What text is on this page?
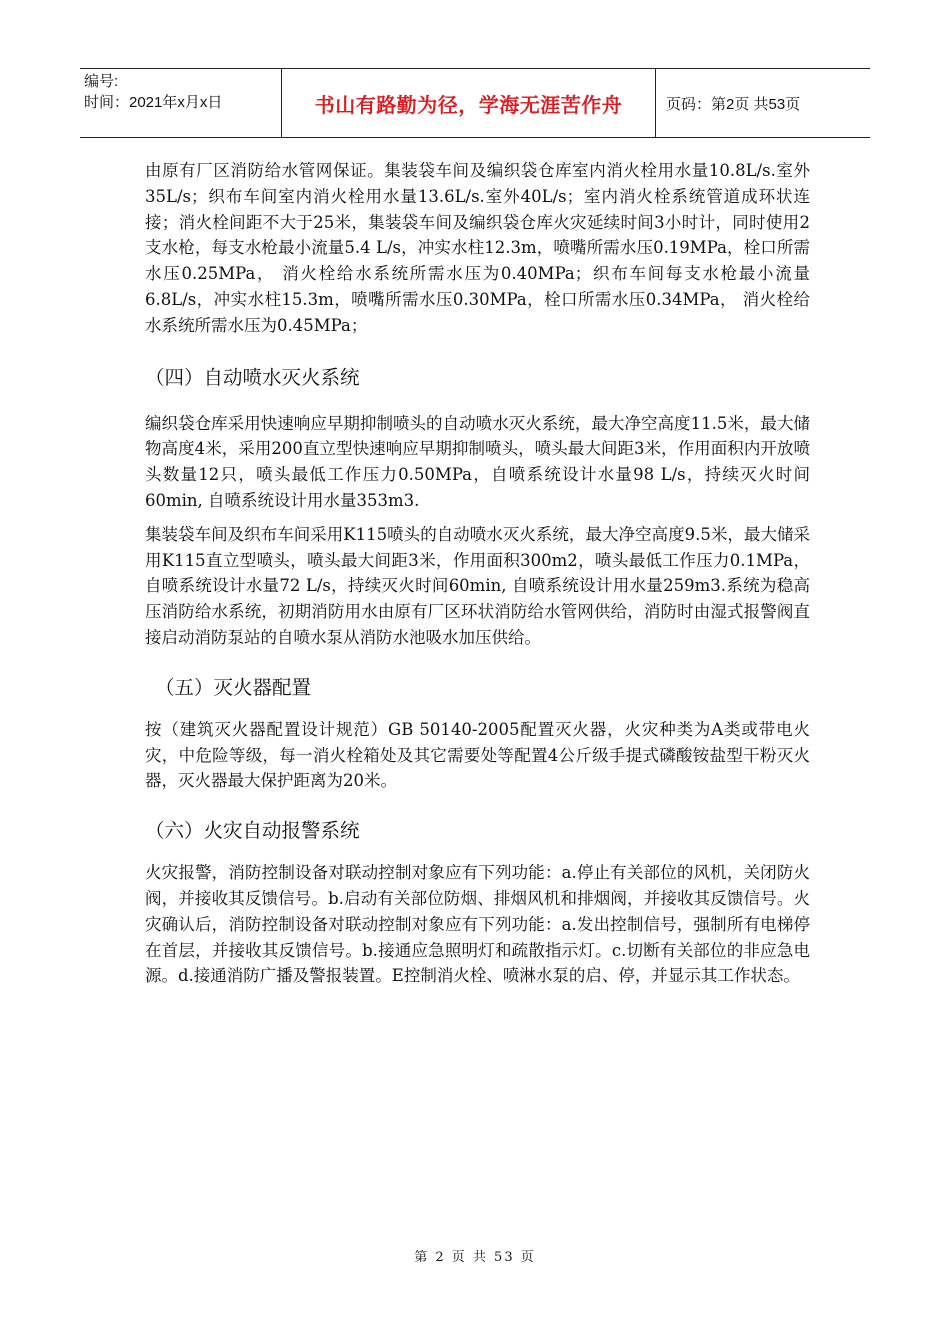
编号:
时间：2021年x月x日	书山有路勤为径，学海无涯苦作舟	页码：第2页 共53页

由原有厂区消防给水管网保证。集装袋车间及编织袋仓库室内消火栓用水量10.8L/s.室外35L/s；织布车间室内消火栓用水量13.6L/s.室外40L/s；室内消火栓系统管道成环状连接；消火栓间距不大于25米，集装袋车间及编织袋仓库火灾延续时间3小时计，同时使用2支水枪，每支水枪最小流量5.4 L/s，冲实水柱12.3m，喷嘴所需水压0.19MPa，栓口所需水压0.25MPa， 消火栓给水系统所需水压为0.40MPa；织布车间每支水枪最小流量6.8L/s，冲实水柱15.3m，喷嘴所需水压0.30MPa，栓口所需水压0.34MPa， 消火栓给水系统所需水压为0.45MPa；

（四）自动喷水灭火系统

编织袋仓库采用快速响应早期抑制喷头的自动喷水灭火系统，最大净空高度11.5米，最大储物高度4米，采用200直立型快速响应早期抑制喷头，喷头最大间距3米，作用面积内开放喷头数量12只，喷头最低工作压力0.50MPa，自喷系统设计水量98 L/s，持续灭火时间60min, 自喷系统设计用水量353m3.

集装袋车间及织布车间采用K115喷头的自动喷水灭火系统，最大净空高度9.5米，最大储采用K115直立型喷头，喷头最大间距3米，作用面积300m2，喷头最低工作压力0.1MPa，自喷系统设计水量72 L/s，持续灭火时间60min, 自喷系统设计用水量259m3.系统为稳高压消防给水系统，初期消防用水由原有厂区环状消防给水管网供给，消防时由湿式报警阀直接启动消防泵站的自喷水泵从消防水池吸水加压供给。

（五）灭火器配置

按（建筑灭火器配置设计规范）GB 50140-2005配置灭火器，火灾种类为A类或带电火灾，中危险等级，每一消火栓箱处及其它需要处等配置4公斤级手提式磷酸铵盐型干粉灭火器，灭火器最大保护距离为20米。

（六）火灾自动报警系统

火灾报警，消防控制设备对联动控制对象应有下列功能：a.停止有关部位的风机，关闭防火阀，并接收其反馈信号。b.启动有关部位防烟、排烟风机和排烟阀，并接收其反馈信号。火灾确认后，消防控制设备对联动控制对象应有下列功能：a.发出控制信号，强制所有电梯停在首层，并接收其反馈信号。b.接通应急照明灯和疏散指示灯。c.切断有关部位的非应急电源。d.接通消防广播及警报装置。E控制消火栓、喷淋水泵的启、停，并显示其工作状态。

第 2 页 共 53 页
